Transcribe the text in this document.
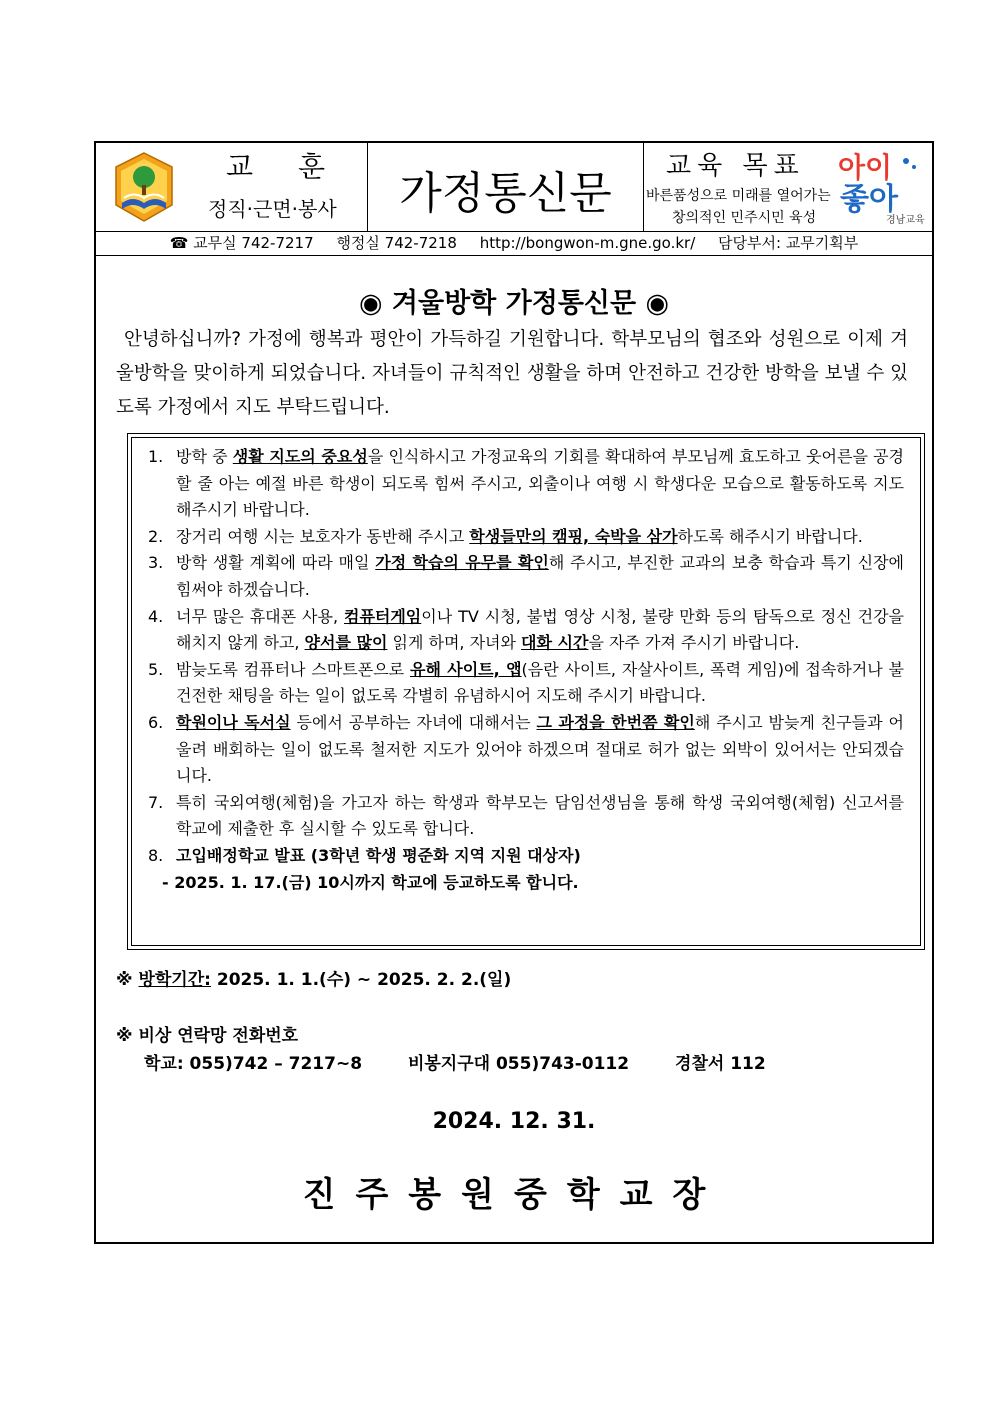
교 훈
정직·근면·봉사	가정통신문
교육 목표
바른품성으로 미래를 열어가는
창의적인 민주시민 육성
아이
좋아
경남교육
☎ 교무실 742-7217 행정실 742-7218 http://bongwon-m.gne.go.kr/ 담당부서: 교무기획부
◉ 겨울방학 가정통신문 ◉
안녕하십니까? 가정에 행복과 평안이 가득하길 기원합니다. 학부모님의 협조와 성원으로 이제 겨울방학을 맞이하게 되었습니다. 자녀들이 규칙적인 생활을 하며 안전하고 건강한 방학을 보낼 수 있도록 가정에서 지도 부탁드립니다.
1. 방학 중 생활 지도의 중요성을 인식하시고 가정교육의 기회를 확대하여 부모님께 효도하고 웃어른을 공경할 줄 아는 예절 바른 학생이 되도록 힘써 주시고, 외출이나 여행 시 학생다운 모습으로 활동하도록 지도해주시기 바랍니다.
2. 장거리 여행 시는 보호자가 동반해 주시고 학생들만의 캠핑, 숙박을 삼가하도록 해주시기 바랍니다.
3. 방학 생활 계획에 따라 매일 가정 학습의 유무를 확인해 주시고, 부진한 교과의 보충 학습과 특기 신장에 힘써야 하겠습니다.
4. 너무 많은 휴대폰 사용, 컴퓨터게임이나 TV 시청, 불법 영상 시청, 불량 만화 등의 탐독으로 정신 건강을 해치지 않게 하고, 양서를 많이 읽게 하며, 자녀와 대화 시간을 자주 가져 주시기 바랍니다.
5. 밤늦도록 컴퓨터나 스마트폰으로 유해 사이트, 앱(음란 사이트, 자살사이트, 폭력 게임)에 접속하거나 불건전한 채팅을 하는 일이 없도록 각별히 유념하시어 지도해 주시기 바랍니다.
6. 학원이나 독서실 등에서 공부하는 자녀에 대해서는 그 과정을 한번쯤 확인해 주시고 밤늦게 친구들과 어울려 배회하는 일이 없도록 철저한 지도가 있어야 하겠으며 절대로 허가 없는 외박이 있어서는 안되겠습니다.
7. 특히 국외여행(체험)을 가고자 하는 학생과 학부모는 담임선생님을 통해 학생 국외여행(체험) 신고서를 학교에 제출한 후 실시할 수 있도록 합니다.
8. 고입배정학교 발표 (3학년 학생 평준화 지역 지원 대상자)
- 2025. 1. 17.(금) 10시까지 학교에 등교하도록 합니다.
※ 방학기간: 2025. 1. 1.(수) ~ 2025. 2. 2.(일)
※ 비상 연락망 전화번호
학교: 055)742 – 7217~8	비봉지구대 055)743-0112	경찰서 112
2024. 12. 31.
진주봉원중학교장
